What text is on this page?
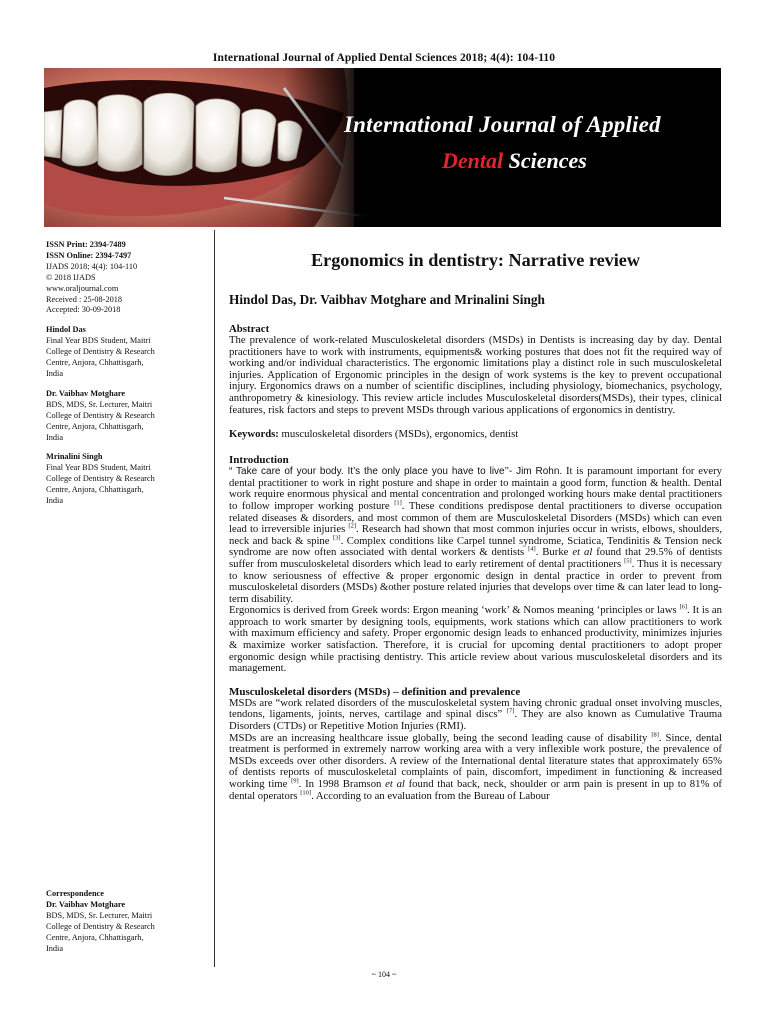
International Journal of Applied Dental Sciences 2018; 4(4): 104-110
International Journal of Applied
Dental Sciences
ISSN Print: 2394-7489
ISSN Online: 2394-7497
IJADS 2018; 4(4): 104-110
© 2018 IJADS
www.oraljournal.com
Received : 25-08-2018
Accepted: 30-09-2018
Hindol Das
Final Year BDS Student, Maitri
College of Dentistry & Research
Centre, Anjora, Chhattisgarh,
India
Dr. Vaibhav Motghare
BDS, MDS, Sr. Lecturer, Maitri
College of Dentistry & Research
Centre, Anjora, Chhattisgarh,
India
Mrinalini Singh
Final Year BDS Student, Maitri
College of Dentistry & Research
Centre, Anjora, Chhattisgarh,
India
Correspondence
Dr. Vaibhav Motghare
BDS, MDS, Sr. Lecturer, Maitri
College of Dentistry & Research
Centre, Anjora, Chhattisgarh,
India
Ergonomics in dentistry: Narrative review
Hindol Das, Dr. Vaibhav Motghare and Mrinalini Singh
Abstract

The prevalence of work-related Musculoskeletal disorders (MSDs) in Dentists is increasing day by day. Dental practitioners have to work with instruments, equipments& working postures that does not fit the required way of working and/or individual characteristics. The ergonomic limitations play a distinct role in such musculoskeletal injuries. Application of Ergonomic principles in the design of work systems is the key to prevent occupational injury. Ergonomics draws on a number of scientific disciplines, including physiology, biomechanics, psychology, anthropometry & kinesiology. This review article includes Musculoskeletal disorders(MSDs), their types, clinical features, risk factors and steps to prevent MSDs through various applications of ergonomics in dentistry.

Keywords: musculoskeletal disorders (MSDs), ergonomics, dentist
Introduction

“ Take care of your body. It’s the only place you have to live’’- Jim Rohn. It is paramount important for every dental practitioner to work in right posture and shape in order to maintain a good form, function & health. Dental work require enormous physical and mental concentration and prolonged working hours make dental practitioners to follow improper working posture [1]. These conditions predispose dental practitioners to diverse occupation related diseases & disorders, and most common of them are Musculoskeletal Disorders (MSDs) which can even lead to irreversible injuries [2]. Research had shown that most common injuries occur in wrists, elbows, shoulders, neck and back & spine [3]. Complex conditions like Carpel tunnel syndrome, Sciatica, Tendinitis & Tension neck syndrome are now often associated with dental workers & dentists [4]. Burke et al found that 29.5% of dentists suffer from musculoskeletal disorders which lead to early retirement of dental practitioners [5]. Thus it is necessary to know seriousness of effective & proper ergonomic design in dental practice in order to prevent from musculoskeletal disorders (MSDs) &other posture related injuries that develops over time & can later lead to long-term disability.

Ergonomics is derived from Greek words: Ergon meaning ‘work’ & Nomos meaning ‘principles or laws [6]. It is an approach to work smarter by designing tools, equipments, work stations which can allow practitioners to work with maximum efficiency and safety. Proper ergonomic design leads to enhanced productivity, minimizes injuries & maximize worker satisfaction. Therefore, it is crucial for upcoming dental practitioners to adopt proper ergonomic design while practising dentistry. This article review about various musculoskeletal disorders and its management.

Musculoskeletal disorders (MSDs) – definition and prevalence

MSDs are “work related disorders of the musculoskeletal system having chronic gradual onset involving muscles, tendons, ligaments, joints, nerves, cartilage and spinal discs” [7]. They are also known as Cumulative Trauma Disorders (CTDs) or Repetitive Motion Injuries (RMI).

MSDs are an increasing healthcare issue globally, being the second leading cause of disability [8]. Since, dental treatment is performed in extremely narrow working area with a very inflexible work posture, the prevalence of MSDs exceeds over other disorders. A review of the International dental literature states that approximately 65% of dentists reports of musculoskeletal complaints of pain, discomfort, impediment in functioning & increased working time [9]. In 1998 Bramson et al found that back, neck, shoulder or arm pain is present in up to 81% of dental operators [10]. According to an evaluation from the Bureau of Labour

~ 104 ~
